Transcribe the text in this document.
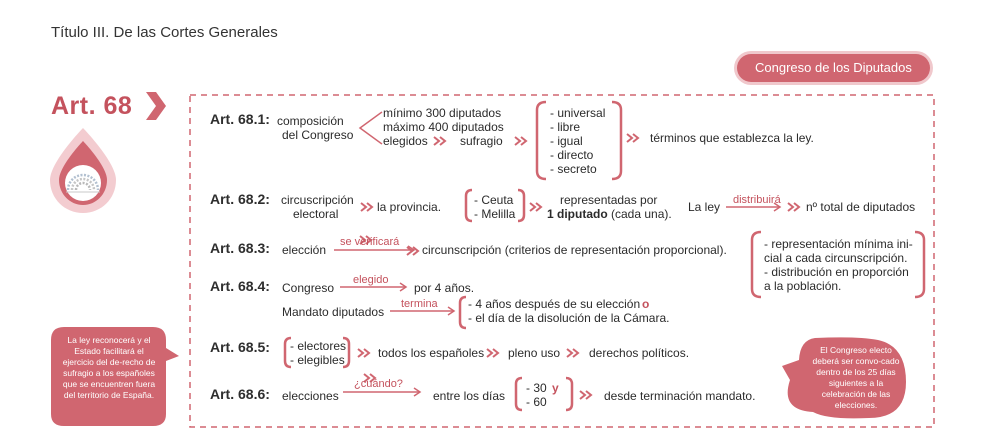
Título III. De las Cortes Generales
Congreso de los Diputados
Art. 68	Art. 68.1: composición
del Congreso
mínimo 300 diputados
máximo 400 diputados
elegidos	sufragio
- universal
- libre
- igual
- directo
- secreto
términos que establezca la ley.
Art. 68.2: circuscripción
electoral	la provincia.	- Ceuta
- Melilla
representadas por
1 diputado (cada una). La ley distribuirá nº total de diputados
- representación mínima ini-
cial a cada circunscripción.
- distribución en proporción
a la población.
Art. 68.3: elección
se verificará
circunscripción (criterios de representación proporcional).
Art. 68.4: Congreso
elegido
por 4 años.
Mandato diputados
termina	- 4 años después de su elección o
- el día de la disolución de la Cámara.
Art. 68.5: - electores
- elegibles	todos los españoles pleno uso derechos políticos.
Art. 68.6: elecciones
¿cuándo?
entre los días
- 30 y
- 60	desde terminación mandato.
La ley reconocerá y el Estado facilitará el ejercicio del de-recho de sufragio a los españoles que se encuentren fuera del territorio de España.
El Congreso electo deberá ser convo-cado dentro de los 25 días siguientes a la celebración de las elecciones.
